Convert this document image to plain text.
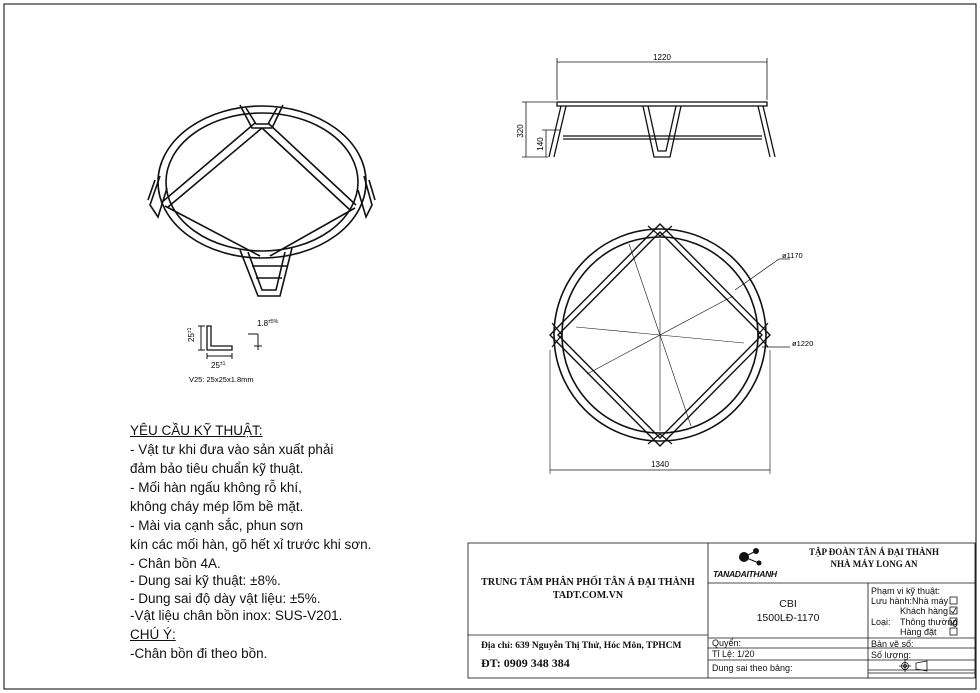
$25^{\pm 1}$
$25^{\pm 1}$
$1.8^{\pm 5\%}$
V25: 25x25x1.8mm
1220
320
140
ø1170
ø1220
1340
YÊU CẦU KỸ THUẬT:
- Vật tư khi đưa vào sản xuất phải
đảm bảo tiêu chuẩn kỹ thuật.
- Mối hàn ngấu không rỗ khí,
không cháy mép lõm bề mặt.
- Mài via cạnh sắc, phun sơn
kín các mối hàn, gõ hết xỉ trước khi sơn.
- Chân bồn 4A.
- Dung sai kỹ thuật: ±8%.
- Dung sai độ dày vật liệu: ±5%.
-Vật liệu chân bồn inox: SUS-V201.
CHÚ Ý:
-Chân bồn đi theo bồn.
TRUNG TÂM PHÂN PHỐI TÂN Á ĐẠI THÀNH
TADT.COM.VN
Địa chỉ: 639 Nguyễn Thị Thử, Hóc Môn, TPHCM
ĐT: 0909 348 384
TANADAITHANH
TẬP ĐOÀN TÂN Á ĐẠI THÀNH
NHÀ MÁY LONG AN
CBI
1500LĐ-1170
Quyển:
Tỉ Lệ: 1/20
Dung sai theo bảng:
Phạm vi kỹ thuật:
Lưu hành:Nhà máy
Khách hàng
Loại: Thông thường
Hàng đặt
Bản vẽ số:
Số lượng:
